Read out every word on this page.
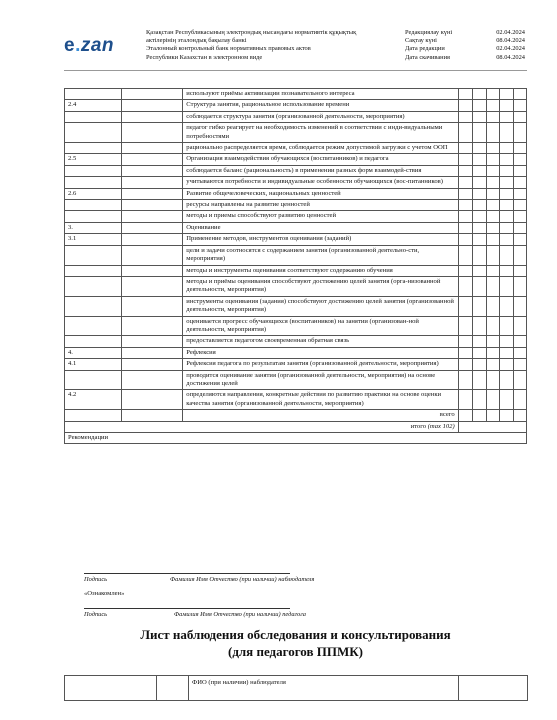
e.zan
Қазақстан Республикасының электрондық нысандағы нормативтік құқықтық
актілерінің эталондық бақылау банкі
Эталонный контрольный банк нормативных правовых актов
Республики Казахстан в электронном виде
Редакциялау күні	02.04.2024
Сақтау күні	08.04.2024
Дата редакции	02.04.2024
Дата скачивания	08.04.2024
		используют приёмы активизации познавательного интереса					
2.4		Структура занятия, рациональное использование времени					
		соблюдается структура занятия (организованной деятельности, мероприятия)					
		педагог гибко реагирует на необходимость изменений в соответствии с инди-видуальными потребностями					
		рационально распределяется время, соблюдается режим допустимой загрузки с учетом ООП					
2.5		Организация взаимодействия обучающихся (воспитанников) и педагога					
		соблюдается баланс (рациональность) в применении разных форм взаимодей-ствия					
		учитываются потребности и индивидуальные особенности обучающихся (вос-питанников)					
2.6		Развитие общечеловеческих, национальных ценностей					
		ресурсы направлены на развитие ценностей					
		методы и приемы способствуют развитию ценностей					
3.		Оценивание					
3.1		Применение методов, инструментов оценивания (заданий)					
		цели и задачи соотносятся с содержанием занятия (организованной деятельно-сти, мероприятия)					
		методы и инструменты оценивания соответствуют содержанию обучения					
		методы и приёмы оценивания способствуют достижению целей занятия (орга-низованной деятельности, мероприятия)					
		инструменты оценивания (задания) способствуют достижению целей занятия (организованной деятельности, мероприятия)					
		оценивается прогресс обучающихся (воспитанников) на занятии (организован-ной деятельности, мероприятия)					
		предоставляется педагогом своевременная обратная связь					
4.		Рефлексия					
4.1		Рефлексия педагога по результатам занятия (организованной деятельности, мероприятия)					
		проводится оценивание занятия (организованной деятельности, мероприятия) на основе достижения целей					
4.2		определяются направления, конкретные действия по развитию практики на основе оценки качества занятия (организованной деятельности, мероприятия)					
		всего					
итого (max 102)							
Рекомендации							
Подпись	Фамилия Имя Отчество (при наличии) наблюдателя
«Ознакомлен»
Подпись	Фамилия Имя Отчество (при наличии) педагога
Лист наблюдения обследования и консультирования
(для педагогов ППМК)
		ФИО (при наличии) наблюдателя	
